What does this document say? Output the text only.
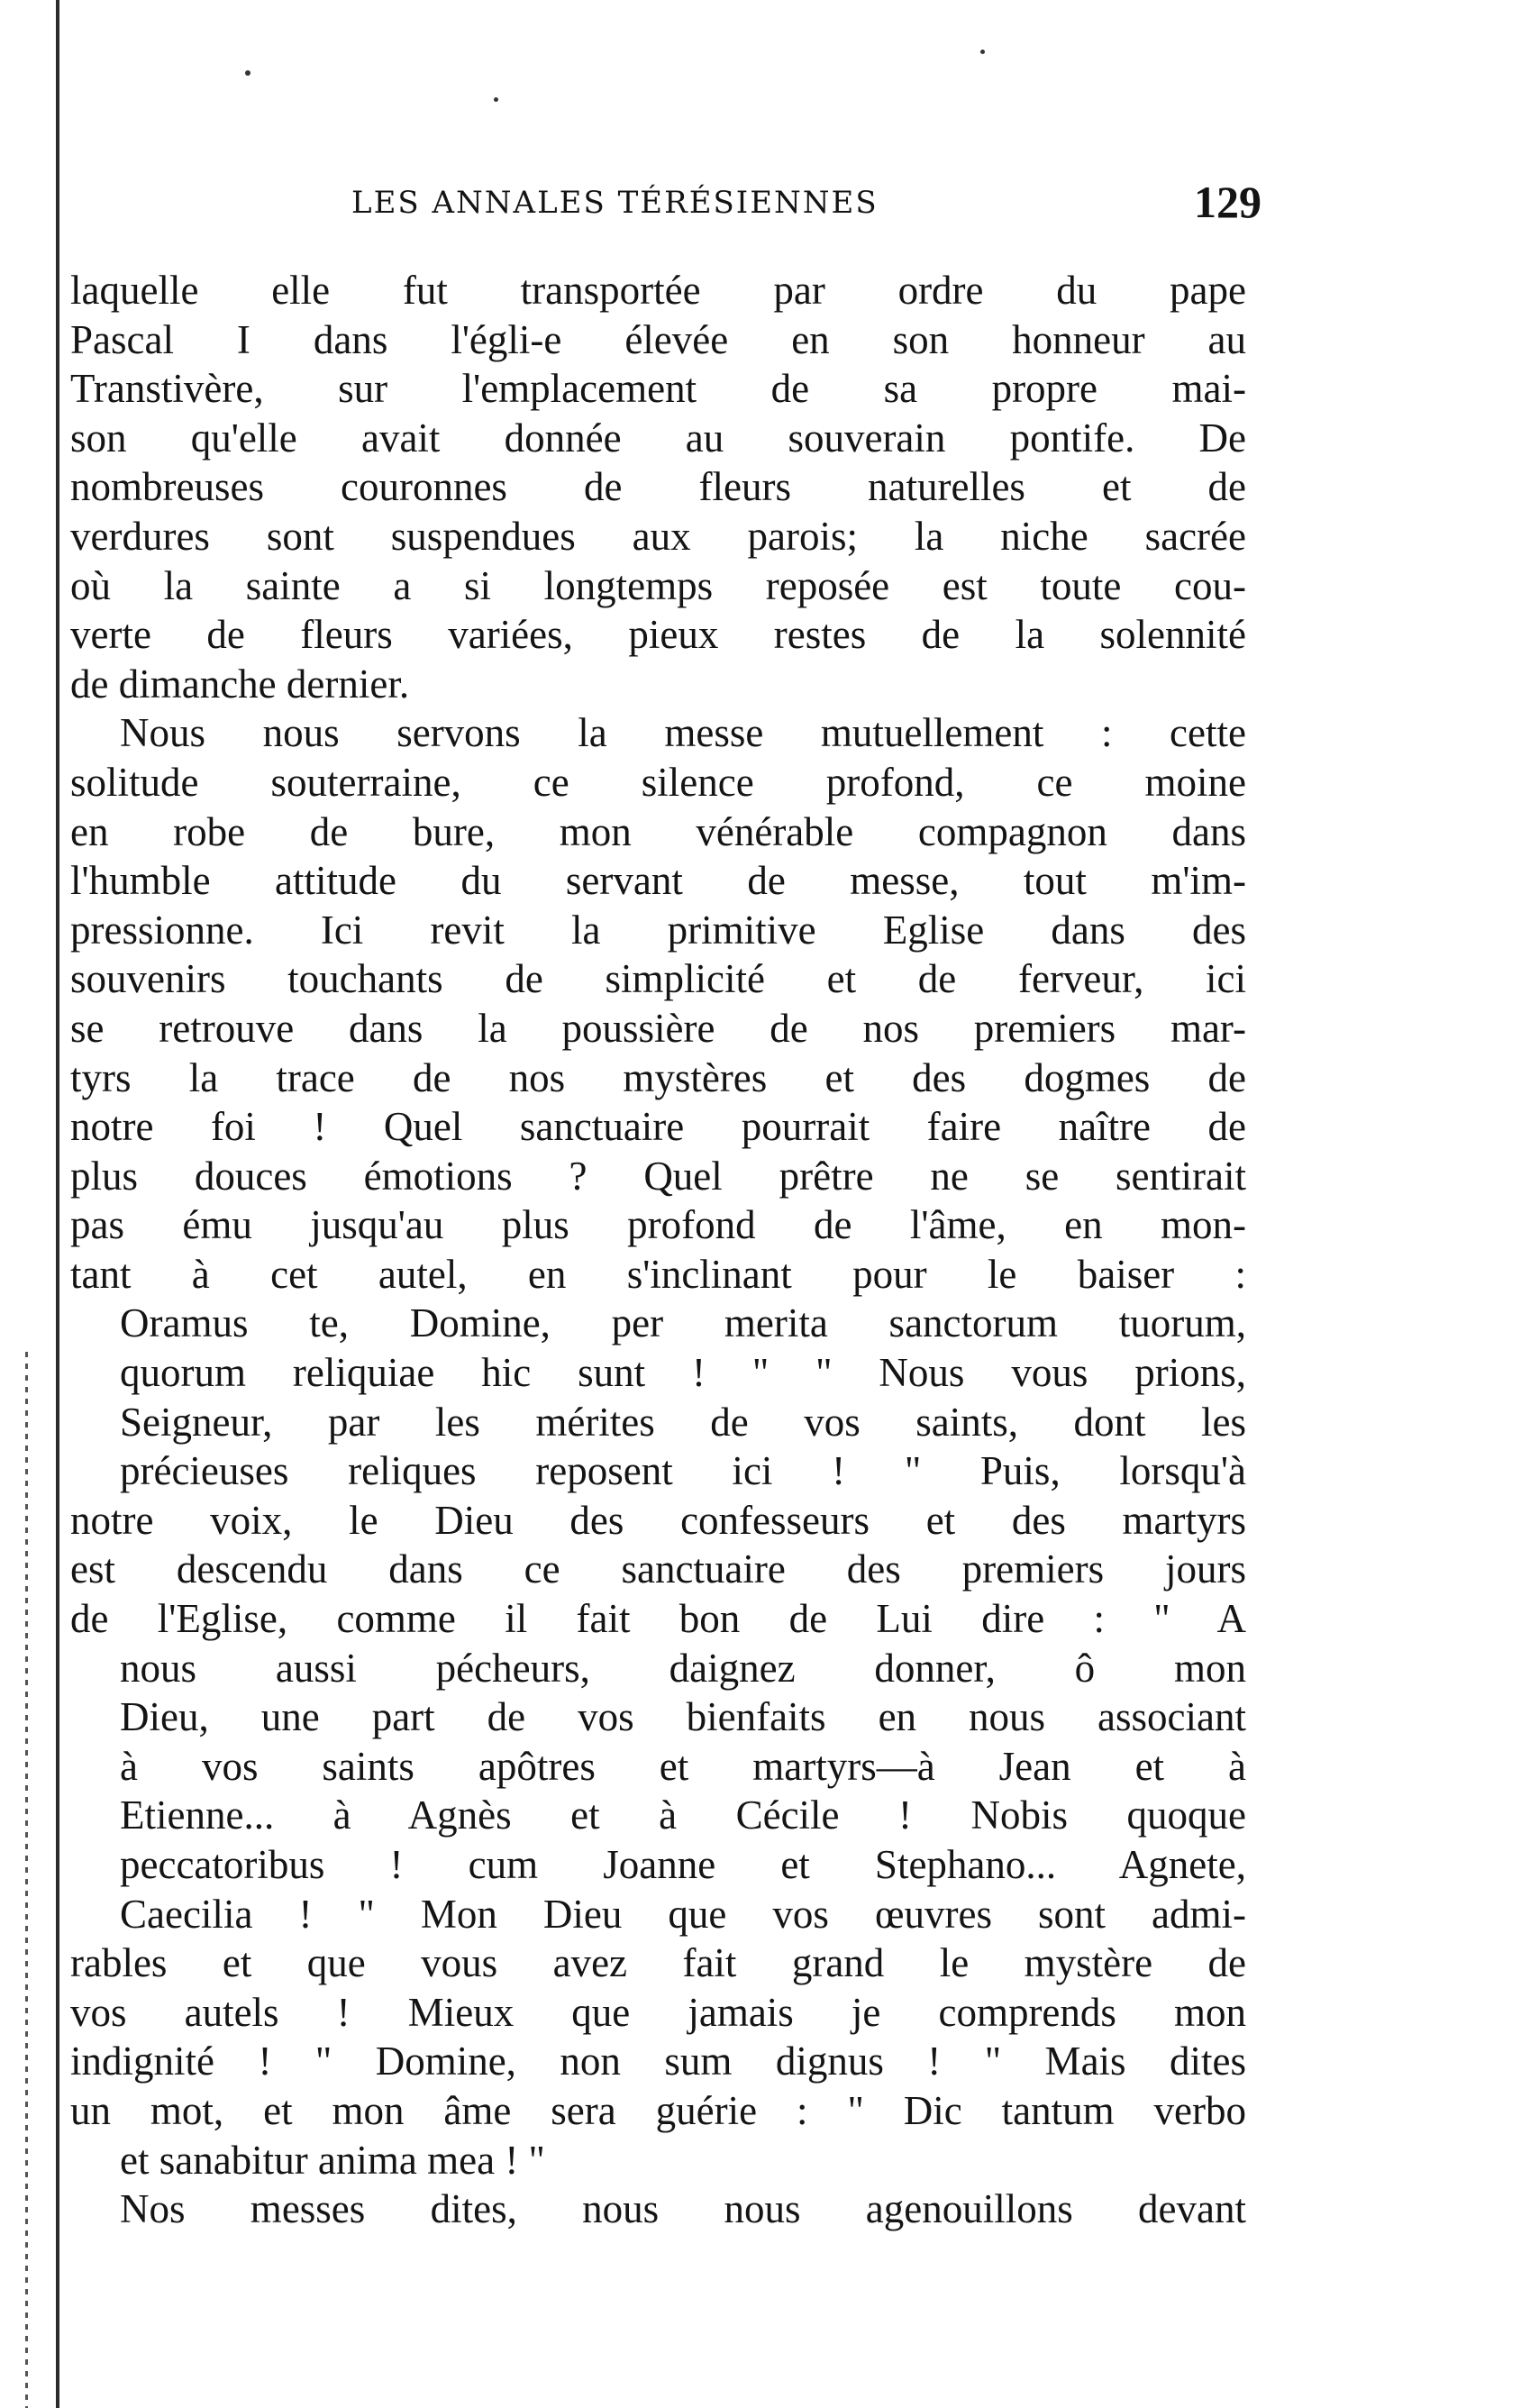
LES ANNALES TÉRÉSIENNES	129
laquelle elle fut transportée par ordre du pape
Pascal I dans l'égli-e élevée en son honneur au
Transtivère, sur l'emplacement de sa propre mai-
son qu'elle avait donnée au souverain pontife. De
nombreuses couronnes de fleurs naturelles et de
verdures sont suspendues aux parois; la niche sacrée
où la sainte a si longtemps reposée est toute cou-
verte de fleurs variées, pieux restes de la solennité
de dimanche dernier.
Nous nous servons la messe mutuellement : cette
solitude souterraine, ce silence profond, ce moine
en robe de bure, mon vénérable compagnon dans
l'humble attitude du servant de messe, tout m'im-
pressionne. Ici revit la primitive Eglise dans des
souvenirs touchants de simplicité et de ferveur, ici
se retrouve dans la poussière de nos premiers mar-
tyrs la trace de nos mystères et des dogmes de
notre foi ! Quel sanctuaire pourrait faire naître de
plus douces émotions ? Quel prêtre ne se sentirait
pas ému jusqu'au plus profond de l'âme, en mon-
tant à cet autel, en s'inclinant pour le baiser :
Oramus te, Domine, per merita sanctorum tuorum,
quorum reliquiae hic sunt ! " " Nous vous prions,
Seigneur, par les mérites de vos saints, dont les
précieuses reliques reposent ici ! " Puis, lorsqu'à
notre voix, le Dieu des confesseurs et des martyrs
est descendu dans ce sanctuaire des premiers jours
de l'Eglise, comme il fait bon de Lui dire : " A
nous aussi pécheurs, daignez donner, ô mon
Dieu, une part de vos bienfaits en nous associant
à vos saints apôtres et martyrs—à Jean et à
Etienne... à Agnès et à Cécile ! Nobis quoque
peccatoribus ! cum Joanne et Stephano... Agnete,
Caecilia ! " Mon Dieu que vos œuvres sont admi-
rables et que vous avez fait grand le mystère de
vos autels ! Mieux que jamais je comprends mon
indignité ! " Domine, non sum dignus ! " Mais dites
un mot, et mon âme sera guérie : " Dic tantum verbo
et sanabitur anima mea ! "
Nos messes dites, nous nous agenouillons devant
